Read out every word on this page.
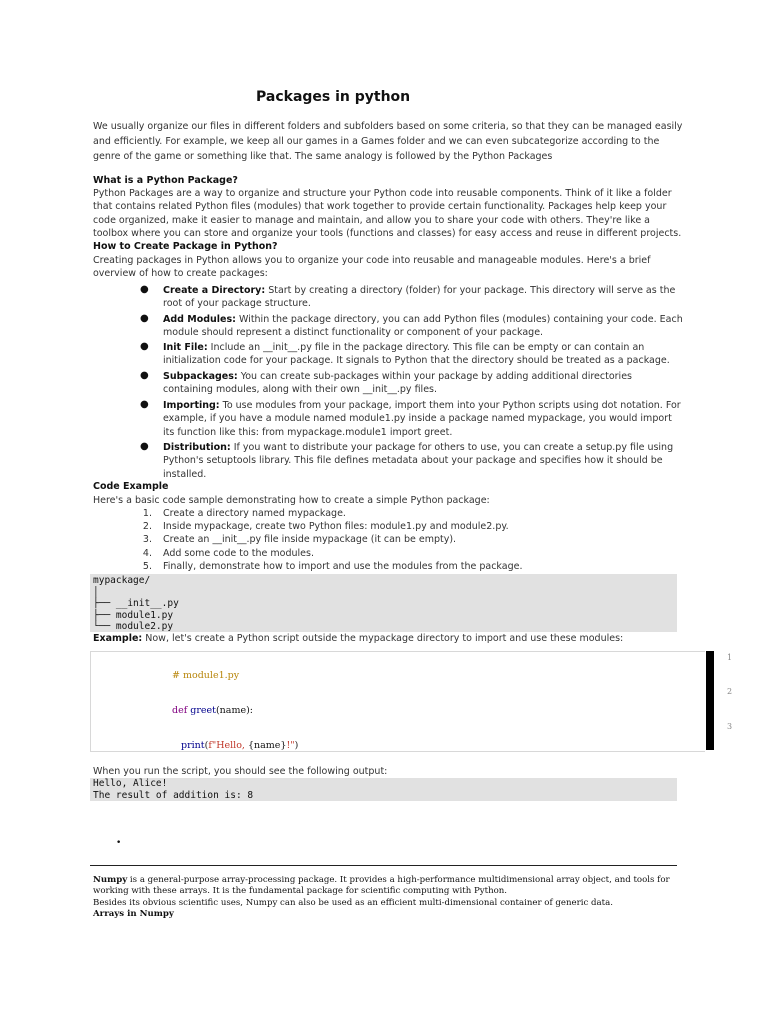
Packages in python
We usually organize our files in different folders and subfolders based on some criteria, so that they can be managed easily and efficiently. For example, we keep all our games in a Games folder and we can even subcategorize according to the genre of the game or something like that. The same analogy is followed by the Python Packages
What is a Python Package?
Python Packages are a way to organize and structure your Python code into reusable components. Think of it like a folder that contains related Python files (modules) that work together to provide certain functionality. Packages help keep your code organized, make it easier to manage and maintain, and allow you to share your code with others. They're like a toolbox where you can store and organize your tools (functions and classes) for easy access and reuse in different projects.
How to Create Package in Python?
Creating packages in Python allows you to organize your code into reusable and manageable modules. Here's a brief overview of how to create packages:
● Create a Directory: Start by creating a directory (folder) for your package. This directory will serve as the root of your package structure.
● Add Modules: Within the package directory, you can add Python files (modules) containing your code. Each module should represent a distinct functionality or component of your package.
● Init File: Include an __init__.py file in the package directory. This file can be empty or can contain an initialization code for your package. It signals to Python that the directory should be treated as a package.
● Subpackages: You can create sub-packages within your package by adding additional directories containing modules, along with their own __init__.py files.
● Importing: To use modules from your package, import them into your Python scripts using dot notation. For example, if you have a module named module1.py inside a package named mypackage, you would import its function like this: from mypackage.module1 import greet.
● Distribution: If you want to distribute your package for others to use, you can create a setup.py file using Python's setuptools library. This file defines metadata about your package and specifies how it should be installed.
Code Example
Here's a basic code sample demonstrating how to create a simple Python package:
1. Create a directory named mypackage.
2. Inside mypackage, create two Python files: module1.py and module2.py.
3. Create an __init__.py file inside mypackage (it can be empty).
4. Add some code to the modules.
5. Finally, demonstrate how to import and use the modules from the package.
mypackage/
│
├── __init__.py
├── module1.py
└── module2.py
Example: Now, let's create a Python script outside the mypackage directory to import and use these modules:
# module1.py
def greet(name):
print(f"Hello, {name}!")
1
2
3
When you run the script, you should see the following output:
Hello, Alice!
The result of addition is: 8
•
Numpy is a general-purpose array-processing package. It provides a high-performance multidimensional array object, and tools for working with these arrays. It is the fundamental package for scientific computing with Python.
Besides its obvious scientific uses, Numpy can also be used as an efficient multi-dimensional container of generic data.
Arrays in Numpy
